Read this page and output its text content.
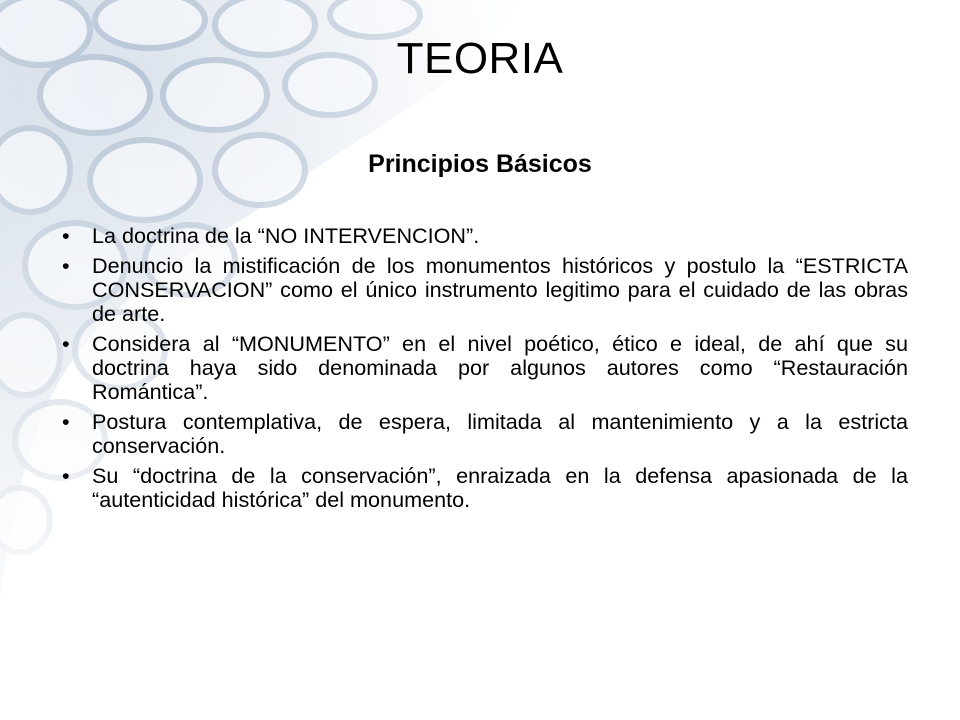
TEORIA
Principios Básicos
•	La doctrina de la “NO INTERVENCION”.
•	Denuncio la mistificación de los monumentos históricos y postulo la “ESTRICTA CONSERVACION” como el único instrumento legitimo para el cuidado de las obras de arte.
•	Considera al “MONUMENTO” en el nivel poético, ético e ideal, de ahí que su doctrina haya sido denominada por algunos autores como “Restauración Romántica”.
•	Postura contemplativa, de espera, limitada al mantenimiento y a la estricta conservación.
•	Su “doctrina de la conservación”, enraizada en la defensa apasionada de la “autenticidad histórica” del monumento.
